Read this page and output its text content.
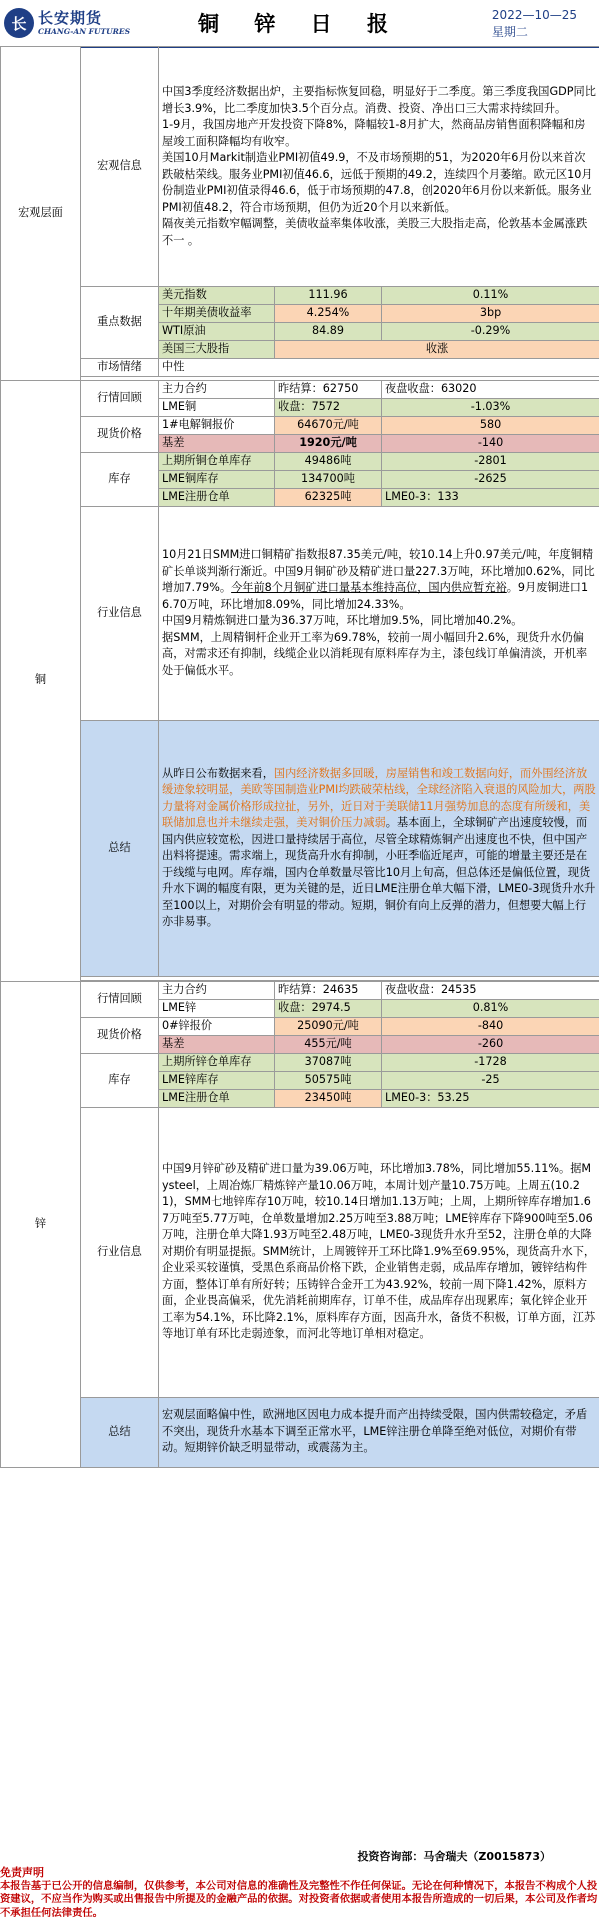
长 长安期货
CHANG-AN FUTURES	铜 锌 日 报	2022—10—25
星期二
宏观层面	宏观信息	中国3季度经济数据出炉，主要指标恢复回稳，明显好于二季度。第三季度我国GDP同比增长3.9%，比二季度加快3.5个百分点。消费、投资、净出口三大需求持续回升。
1-9月，我国房地产开发投资下降8%，降幅较1-8月扩大，然商品房销售面积降幅和房屋竣工面积降幅均有收窄。
美国10月Markit制造业PMI初值49.9，不及市场预期的51，为2020年6月份以来首次跌破枯荣线。服务业PMI初值46.6，远低于预期的49.2，连续四个月萎缩。欧元区10月份制造业PMI初值录得46.6，低于市场预期的47.8，创2020年6月份以来新低。服务业PMI初值48.2，符合市场预期，但仍为近20个月以来新低。
隔夜美元指数窄幅调整，美债收益率集体收涨，美股三大股指走高，伦敦基本金属涨跌不一 。		

	重点数据	美元指数	111.96	0.11%
		十年期美债收益率	4.254%	3bp
		WTI原油	84.89	-0.29%
		美国三大股指	收涨	
	市场情绪	中性		

铜	行情回顾	主力合约	昨结算：62750	夜盘收盘：63020
		LME铜	收盘：7572	-1.03%
	现货价格	1#电解铜报价	64670元/吨	580
		基差	1920元/吨	-140
	库存	上期所铜仓单库存	49486吨	-2801
		LME铜库存	134700吨	-2625
		LME注册仓单	62325吨	LME0-3：133
	行业信息	10月21日SMM进口铜精矿指数报87.35美元/吨，较10.14上升0.97美元/吨，年度铜精矿长单谈判渐行渐近。中国9月铜矿砂及精矿进口量227.3万吨，环比增加0.62%，同比增加7.79%。今年前8个月铜矿进口量基本维持高位，国内供应暂充裕。9月废铜进口16.70万吨，环比增加8.09%，同比增加24.33%。
中国9月精炼铜进口量为36.37万吨，环比增加9.5%，同比增加40.2%。
据SMM，上周精铜杆企业开工率为69.78%，较前一周小幅回升2.6%，现货升水仍偏高，对需求还有抑制，线缆企业以消耗现有原料库存为主，漆包线订单偏清淡，开机率处于偏低水平。		

	总结	从昨日公布数据来看，国内经济数据多回暖，房屋销售和竣工数据向好，而外围经济放缓迹象较明显，美欧等国制造业PMI均跌破荣枯线，全球经济陷入衰退的风险加大，两股力量将对金属价格形成拉扯，另外，近日对于美联储11月强势加息的态度有所缓和，美联储加息也并未继续走强，美对铜价压力减弱。基本面上，全球铜矿产出速度较慢，而国内供应较宽松，因进口量持续居于高位，尽管全球精炼铜产出速度也不快，但中国产出料将提速。需求端上，现货高升水有抑制，小旺季临近尾声，可能的增量主要还是在于线缆与电网。库存端，国内仓单数量尽管比10月上旬高，但总体还是偏低位置，现货升水下调的幅度有限，更为关键的是，近日LME注册仓单大幅下滑，LME0-3现货升水升至100以上，对期价会有明显的带动。短期，铜价有向上反弹的潜力，但想要大幅上行亦非易事。		

锌	行情回顾	主力合约	昨结算：24635	夜盘收盘：24535
		LME锌	收盘：2974.5	0.81%
	现货价格	0#锌报价	25090元/吨	-840
		基差	455元/吨	-260
	库存	上期所锌仓单库存	37087吨	-1728
		LME锌库存	50575吨	-25
		LME注册仓单	23450吨	LME0-3：53.25
	行业信息	中国9月锌矿砂及精矿进口量为39.06万吨，环比增加3.78%，同比增加55.11%。据Mysteel，上周冶炼厂精炼锌产量10.06万吨，本周计划产量10.75万吨。上周五(10.21)，SMM七地锌库存10万吨，较10.14日增加1.13万吨；上周，上期所锌库存增加1.67万吨至5.77万吨，仓单数量增加2.25万吨至3.88万吨；LME锌库存下降900吨至5.06万吨，注册仓单大降1.93万吨至2.48万吨，LME0-3现货升水升至52，注册仓单的大降对期价有明显提振。SMM统计，上周镀锌开工环比降1.9%至69.95%，现货高升水下，企业采买较谨慎，受黑色系商品价格下跌，企业销售走弱，成品库存增加，镀锌结构件方面，整体订单有所好转；压铸锌合金开工为43.92%，较前一周下降1.42%，原料方面，企业畏高偏采，优先消耗前期库存，订单不佳，成品库存出现累库；氧化锌企业开工率为54.1%，环比降2.1%，原料库存方面，因高升水，备货不积极，订单方面，江苏等地订单有环比走弱迹象，而河北等地订单相对稳定。		
	总结	宏观层面略偏中性，欧洲地区因电力成本提升而产出持续受限，国内供需较稳定，矛盾不突出，现货升水基本下调至正常水平，LME锌注册仓单降至绝对低位，对期价有带动。短期锌价缺乏明显带动，或震荡为主。		
投资咨询部：马舍瑞夫（Z0015873）
免责声明
本报告基于已公开的信息编制，仅供参考，本公司对信息的准确性及完整性不作任何保证。无论在何种情况下，本报告不构成个人投资建议，不应当作为购买或出售报告中所提及的金融产品的依据。对投资者依据或者使用本报告所造成的一切后果，本公司及作者均不承担任何法律责任。
